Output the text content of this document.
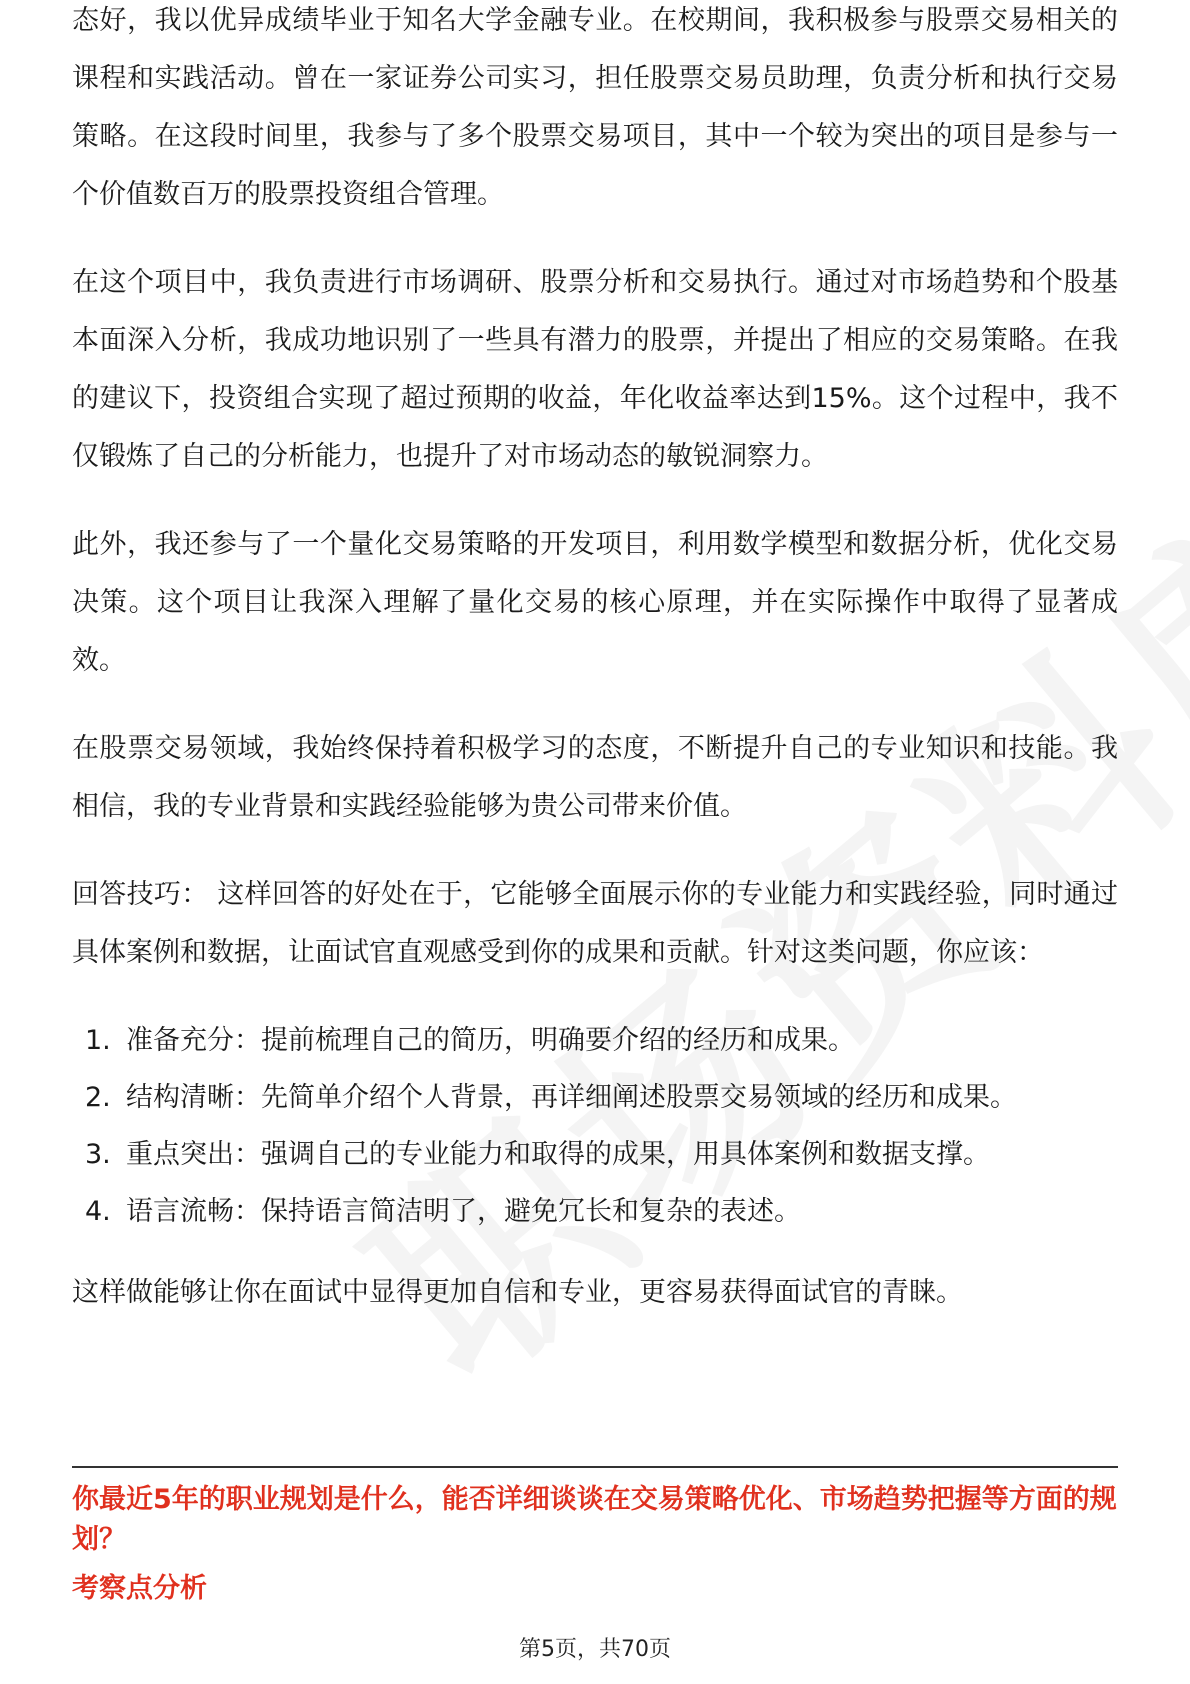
态好，我以优异成绩毕业于知名大学金融专业。在校期间，我积极参与股票交易相关的课程和实践活动。曾在一家证券公司实习，担任股票交易员助理，负责分析和执行交易策略。在这段时间里，我参与了多个股票交易项目，其中一个较为突出的项目是参与一个价值数百万的股票投资组合管理。

在这个项目中，我负责进行市场调研、股票分析和交易执行。通过对市场趋势和个股基本面深入分析，我成功地识别了一些具有潜力的股票，并提出了相应的交易策略。在我的建议下，投资组合实现了超过预期的收益，年化收益率达到15%。这个过程中，我不仅锻炼了自己的分析能力，也提升了对市场动态的敏锐洞察力。

此外，我还参与了一个量化交易策略的开发项目，利用数学模型和数据分析，优化交易决策。这个项目让我深入理解了量化交易的核心原理，并在实际操作中取得了显著成效。

在股票交易领域，我始终保持着积极学习的态度，不断提升自己的专业知识和技能。我相信，我的专业背景和实践经验能够为贵公司带来价值。

回答技巧： 这样回答的好处在于，它能够全面展示你的专业能力和实践经验，同时通过具体案例和数据，让面试官直观感受到你的成果和贡献。针对这类问题，你应该：

1. 准备充分：提前梳理自己的简历，明确要介绍的经历和成果。
2. 结构清晰：先简单介绍个人背景，再详细阐述股票交易领域的经历和成果。
3. 重点突出：强调自己的专业能力和取得的成果，用具体案例和数据支撑。
4. 语言流畅：保持语言简洁明了，避免冗长和复杂的表述。

这样做能够让你在面试中显得更加自信和专业，更容易获得面试官的青睐。

你最近5年的职业规划是什么，能否详细谈谈在交易策略优化、市场趋势把握等方面的规划？

考察点分析

第5页，共70页
